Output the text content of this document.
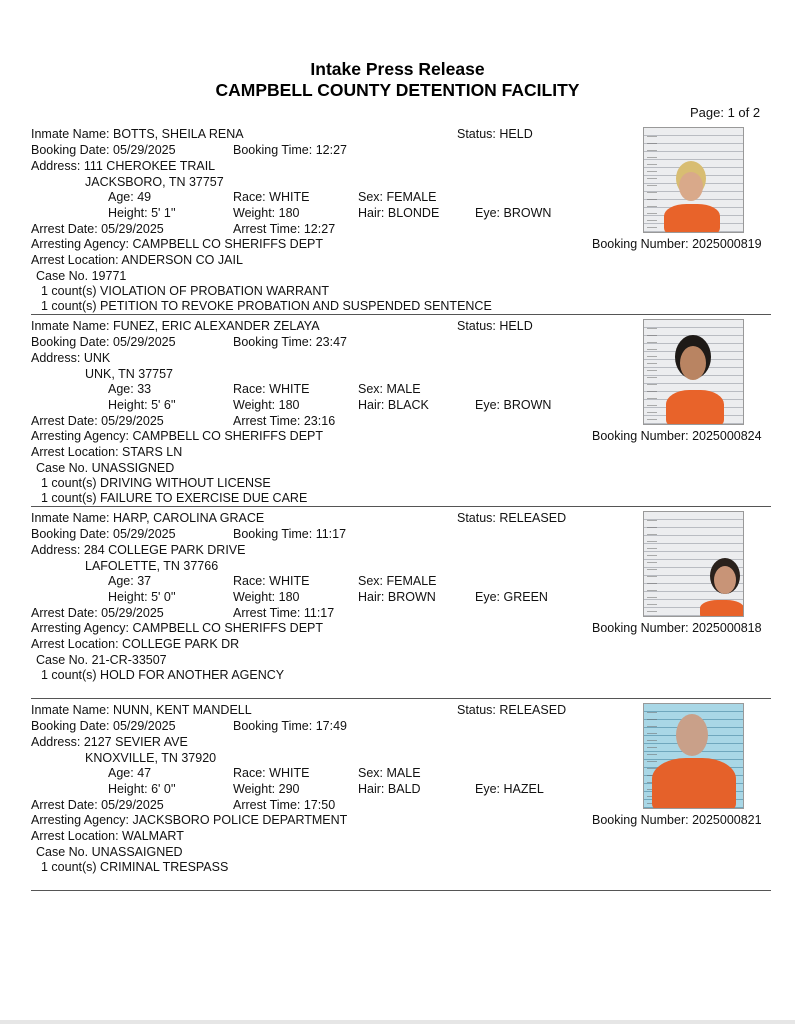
Intake Press Release
CAMPBELL COUNTY DETENTION FACILITY
Page: 1 of 2
Inmate Name: BOTTS, SHEILA RENA	Status: HELD
Booking Date: 05/29/2025	Booking Time: 12:27
Address: 111 CHEROKEE TRAIL
JACKSBORO, TN 37757
Age: 49	Race: WHITE	Sex: FEMALE
Height: 5' 1''	Weight: 180	Hair: BLONDE	Eye: BROWN
Arrest Date: 05/29/2025	Arrest Time: 12:27
Arresting Agency: CAMPBELL CO SHERIFFS DEPT	Booking Number: 2025000819
Arrest Location: ANDERSON CO JAIL
Case No. 19771
1 count(s) VIOLATION OF PROBATION WARRANT
1 count(s) PETITION TO REVOKE PROBATION AND SUSPENDED SENTENCE
Inmate Name: FUNEZ, ERIC ALEXANDER ZELAYA	Status: HELD
Booking Date: 05/29/2025	Booking Time: 23:47
Address: UNK
UNK, TN 37757
Age: 33	Race: WHITE	Sex: MALE
Height: 5' 6''	Weight: 180	Hair: BLACK	Eye: BROWN
Arrest Date: 05/29/2025	Arrest Time: 23:16
Arresting Agency: CAMPBELL CO SHERIFFS DEPT	Booking Number: 2025000824
Arrest Location: STARS LN
Case No. UNASSIGNED
1 count(s) DRIVING WITHOUT LICENSE
1 count(s) FAILURE TO EXERCISE DUE CARE
Inmate Name: HARP, CAROLINA GRACE	Status: RELEASED
Booking Date: 05/29/2025	Booking Time: 11:17
Address: 284 COLLEGE PARK DRIVE
LAFOLETTE, TN 37766
Age: 37	Race: WHITE	Sex: FEMALE
Height: 5' 0''	Weight: 180	Hair: BROWN	Eye: GREEN
Arrest Date: 05/29/2025	Arrest Time: 11:17
Arresting Agency: CAMPBELL CO SHERIFFS DEPT	Booking Number: 2025000818
Arrest Location: COLLEGE PARK DR
Case No. 21-CR-33507
1 count(s) HOLD FOR ANOTHER AGENCY
Inmate Name: NUNN, KENT MANDELL	Status: RELEASED
Booking Date: 05/29/2025	Booking Time: 17:49
Address: 2127 SEVIER AVE
KNOXVILLE, TN 37920
Age: 47	Race: WHITE	Sex: MALE
Height: 6' 0''	Weight: 290	Hair: BALD	Eye: HAZEL
Arrest Date: 05/29/2025	Arrest Time: 17:50
Arresting Agency: JACKSBORO POLICE DEPARTMENT	Booking Number: 2025000821
Arrest Location: WALMART
Case No. UNASSAIGNED
1 count(s) CRIMINAL TRESPASS
